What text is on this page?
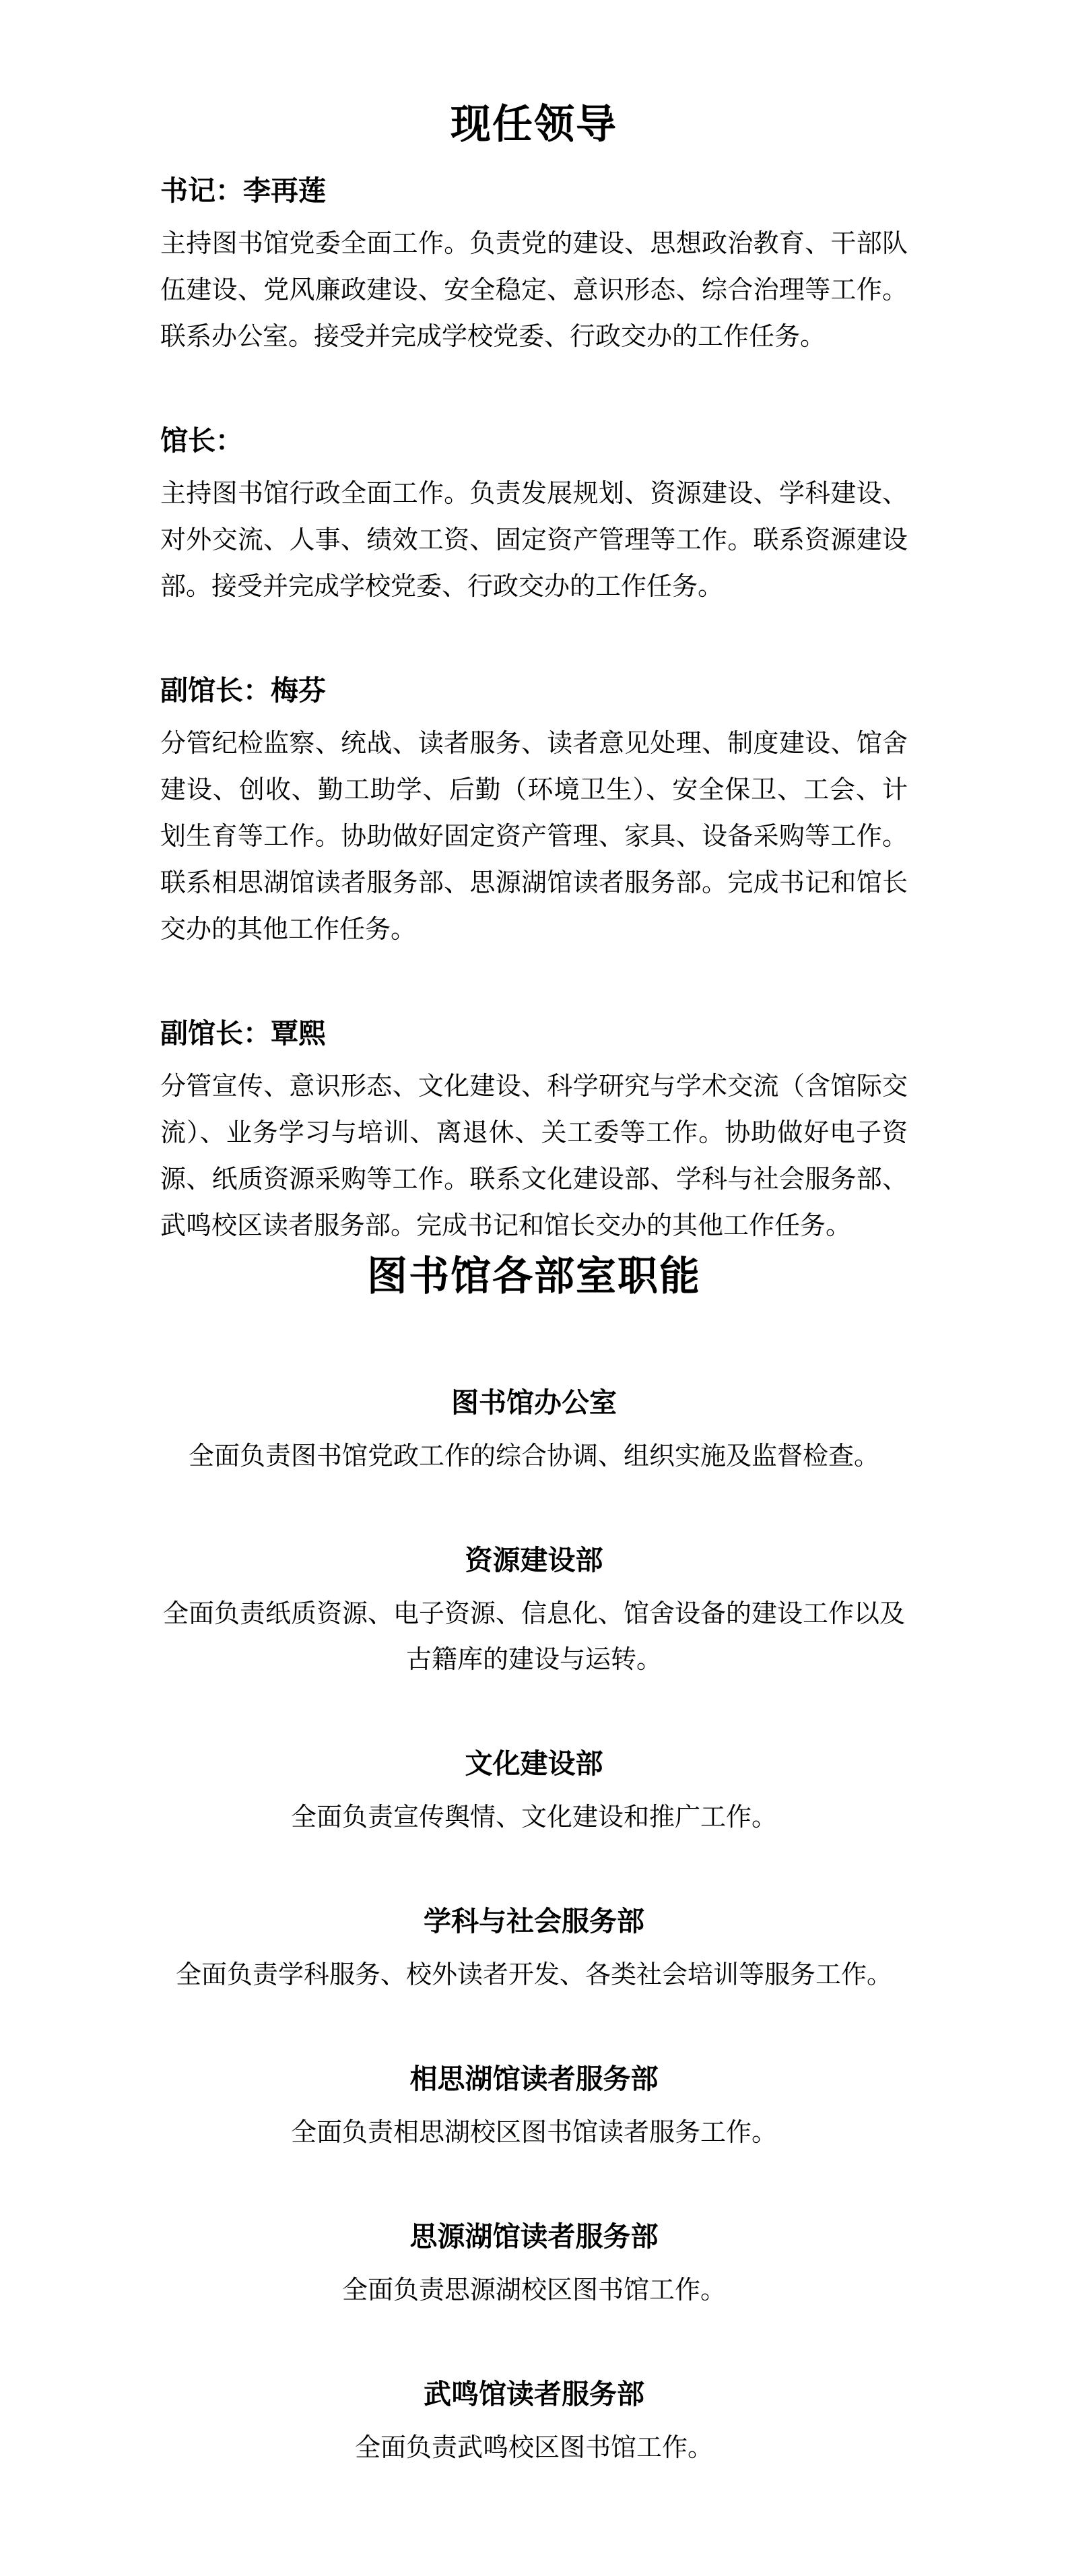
现任领导
书记：李再莲

主持图书馆党委全面工作。负责党的建设、思想政治教育、干部队伍建设、党风廉政建设、安全稳定、意识形态、综合治理等工作。联系办公室。接受并完成学校党委、行政交办的工作任务。

馆长：

主持图书馆行政全面工作。负责发展规划、资源建设、学科建设、对外交流、人事、绩效工资、固定资产管理等工作。联系资源建设部。接受并完成学校党委、行政交办的工作任务。

副馆长：梅芬

分管纪检监察、统战、读者服务、读者意见处理、制度建设、馆舍建设、创收、勤工助学、后勤（环境卫生）、安全保卫、工会、计划生育等工作。协助做好固定资产管理、家具、设备采购等工作。联系相思湖馆读者服务部、思源湖馆读者服务部。完成书记和馆长交办的其他工作任务。

副馆长：覃熙

分管宣传、意识形态、文化建设、科学研究与学术交流（含馆际交流）、业务学习与培训、离退休、关工委等工作。协助做好电子资源、纸质资源采购等工作。联系文化建设部、学科与社会服务部、武鸣校区读者服务部。完成书记和馆长交办的其他工作任务。

图书馆各部室职能
图书馆办公室

全面负责图书馆党政工作的综合协调、组织实施及监督检查。

资源建设部

全面负责纸质资源、电子资源、信息化、馆舍设备的建设工作以及古籍库的建设与运转。

文化建设部

全面负责宣传舆情、文化建设和推广工作。

学科与社会服务部

全面负责学科服务、校外读者开发、各类社会培训等服务工作。

相思湖馆读者服务部

全面负责相思湖校区图书馆读者服务工作。

思源湖馆读者服务部

全面负责思源湖校区图书馆工作。

武鸣馆读者服务部

全面负责武鸣校区图书馆工作。
